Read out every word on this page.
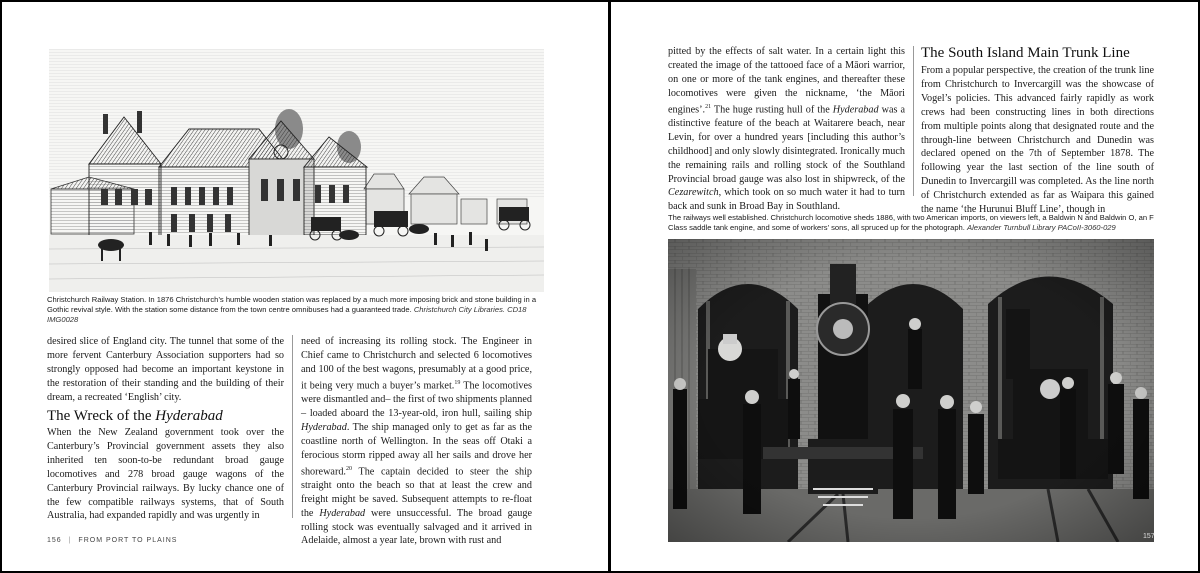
Christchurch Railway Station. In 1876 Christchurch’s humble wooden station was replaced by a much more imposing brick and stone building in a Gothic revival style. With the station some distance from the town centre omnibuses had a guaranteed trade. Christchurch City Libraries. CD18 IMG0028

desired slice of England city. The tunnel that some of the more fervent Canterbury Association supporters had so strongly opposed had become an important keystone in the restoration of their standing and the building of their dream, a recreated ‘English’ city.

The Wreck of the Hyderabad

When the New Zealand government took over the Canterbury’s Provincial government assets they also inherited ten soon-to-be redundant broad gauge locomotives and 278 broad gauge wagons of the Canterbury Provincial railways. By lucky chance one of the few compatible railways systems, that of South Australia, had expanded rapidly and was urgently in

need of increasing its rolling stock. The Engineer in Chief came to Christchurch and selected 6 locomotives and 100 of the best wagons, presumably at a good price, it being very much a buyer’s market.$^{19}$ The locomotives were dismantled and– the first of two shipments planned – loaded aboard the 13-year-old, iron hull, sailing ship Hyderabad. The ship managed only to get as far as the coastline north of Wellington. In the seas off Otaki a ferocious storm ripped away all her sails and drove her shoreward.$^{20}$ The captain decided to steer the ship straight onto the beach so that at least the crew and freight might be saved. Subsequent attempts to re-float the Hyderabad were unsuccessful. The broad gauge rolling stock was eventually salvaged and it arrived in Adelaide, almost a year late, brown with rust and

156 | FROM PORT TO PLAINS

pitted by the effects of salt water. In a certain light this created the image of the tattooed face of a Māori warrior, on one or more of the tank engines, and thereafter these locomotives were given the nickname, ‘the Māori engines’.$^{21}$ The huge rusting hull of the Hyderabad was a distinctive feature of the beach at Waitarere beach, near Levin, for over a hundred years [including this author’s childhood] and only slowly disintegrated. Ironically much the remaining rails and rolling stock of the Southland Provincial broad gauge was also lost in shipwreck, of the Cezarewitch, which took on so much water it had to turn back and sunk in Broad Bay in Southland.

The South Island Main Trunk Line

From a popular perspective, the creation of the trunk line from Christchurch to Invercargill was the showcase of Vogel’s policies. This advanced fairly rapidly as work crews had been constructing lines in both directions from multiple points along that designated route and the through-line between Christchurch and Dunedin was declared opened on the 7th of September 1878. The following year the last section of the line south of Dunedin to Invercargill was completed. As the line north of Christchurch extended as far as Waipara this gained the name ‘the Hurunui Bluff Line’, though in

The railways well established. Christchurch locomotive sheds 1886, with two American imports, on viewers left, a Baldwin N and Baldwin O, an F Class saddle tank engine, and some of workers’ sons, all spruced up for the photograph. Alexander Turnbull Library PACoII-3060-029
157
